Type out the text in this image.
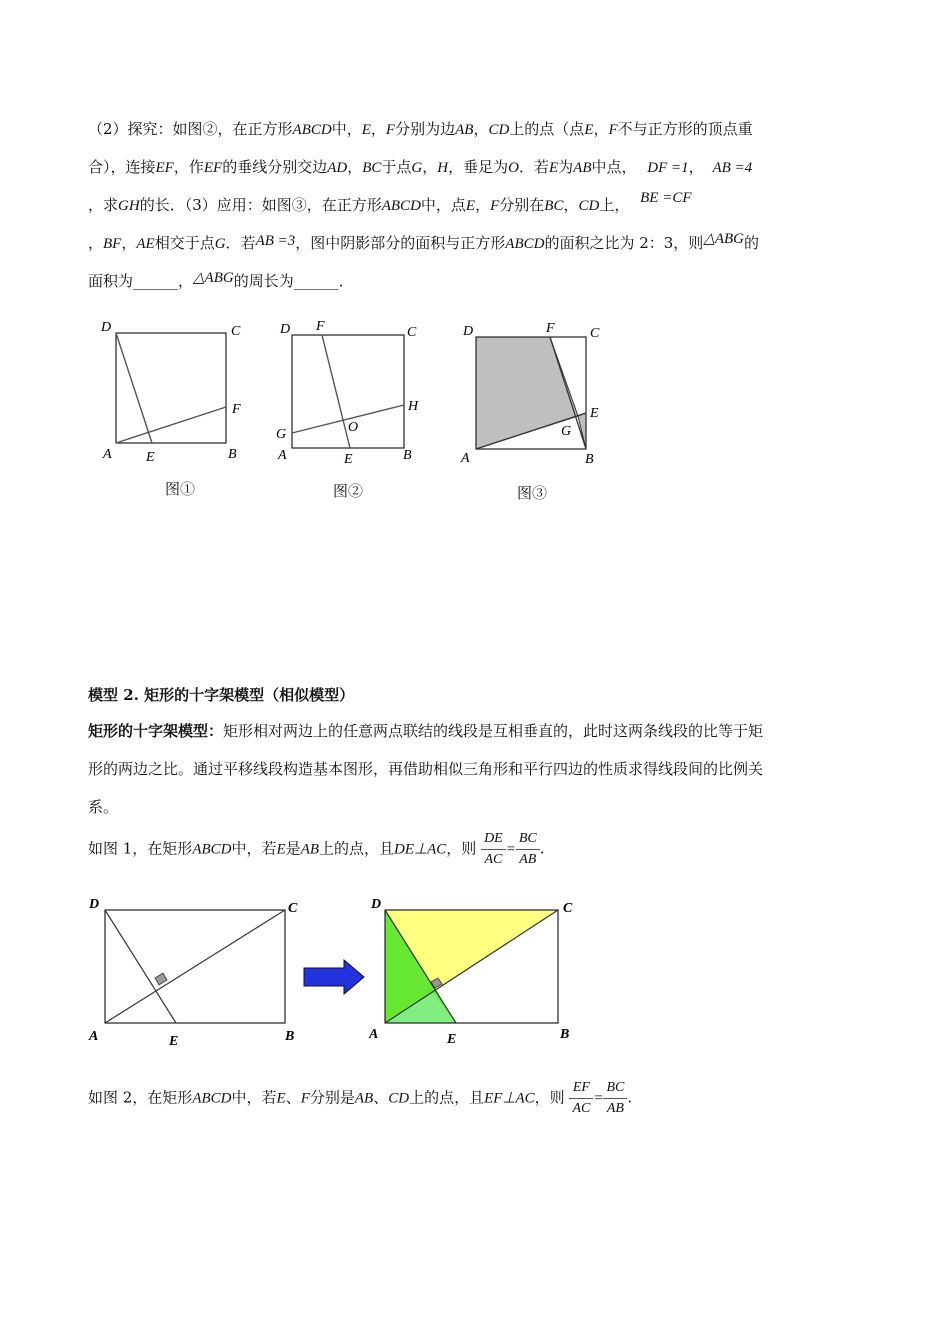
（2）探究：如图②，在正方形ABCD中，E，F分别为边AB，CD上的点（点E，F不与正方形的顶点重
合），连接EF，作EF的垂线分别交边AD，BC于点G，H，垂足为O．若E为AB中点， DF =1， AB =4
，求GH的长．（3）应用：如图③，在正方形ABCD中，点E，F分别在BC，CD上， BE =CF
，BF，AE相交于点G．若AB =3，图中阴影部分的面积与正方形ABCD的面积之比为 2：3，则△ABG的
面积为______，△ABG的周长为______．
D	C
F
A E	B
图①
D F	C
H
G	O
A	E	B
图②
D	F	C
E
G
A	B
图③
模型 2. 矩形的十字架模型（相似模型）
矩形的十字架模型：矩形相对两边上的任意两点联结的线段是互相垂直的，此时这两条线段的比等于矩
形的两边之比。通过平移线段构造基本图形，再借助相似三角形和平行四边的性质求得线段间的比例关
系。
如图 1，在矩形ABCD中，若E是AB上的点，且DE⊥AC，则 $\frac{DE}{AC} = \frac{BC}{AB}$ .
D	C
A	E	B
D	C
A	E	B
如图 2，在矩形ABCD中，若E、F分别是AB、CD上的点，且EF⊥AC，则 $\frac{EF}{AC} = \frac{BC}{AB}$ .
